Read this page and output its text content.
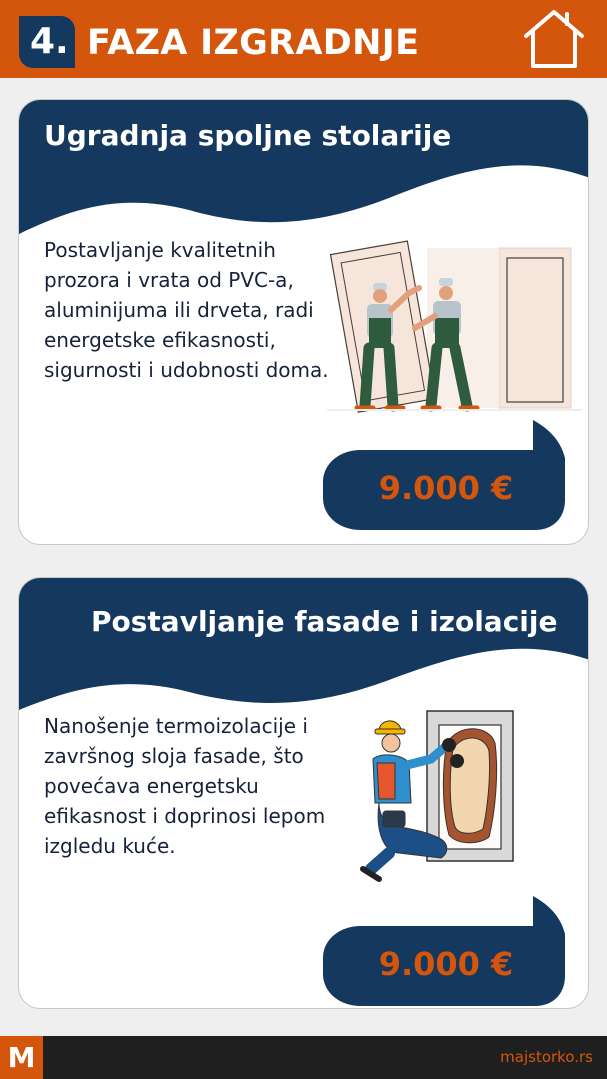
4. FAZA IZGRADNJE
Ugradnja spoljne stolarije
Postavljanje kvalitetnih prozora i vrata od PVC-a, aluminijuma ili drveta, radi energetske efikasnosti, sigurnosti i udobnosti doma.
9.000 €
Postavljanje fasade i izolacije
Nanošenje termoizolacije i završnog sloja fasade, što povećava energetsku efikasnost i doprinosi lepom izgledu kuće.
9.000 €
M	majstorko.rs
